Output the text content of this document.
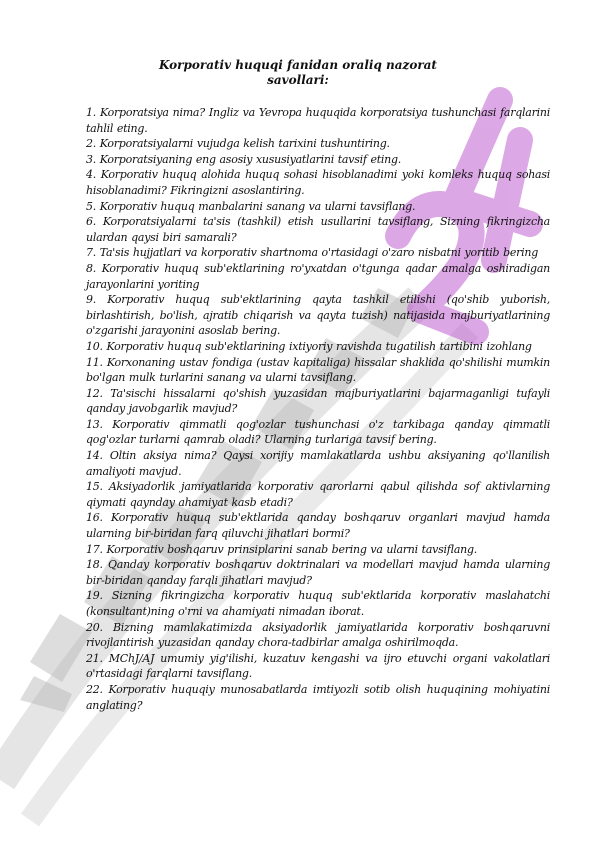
Korporativ huquqi fanidan oraliq nazorat

savollari:

1. Korporatsiya nima? Ingliz va Yevropa huquqida korporatsiya tushunchasi farqlarini tahlil eting.
2. Korporatsiyalarni vujudga kelish tarixini tushuntiring.
3. Korporatsiyaning eng asosiy xususiyatlarini tavsif eting.
4. Korporativ huquq alohida huquq sohasi hisoblanadimi yoki komleks huquq sohasi hisoblanadimi? Fikringizni asoslantiring.
5. Korporativ huquq manbalarini sanang va ularni tavsiflang.
6. Korporatsiyalarni ta'sis (tashkil) etish usullarini tavsiflang, Sizning fikringizcha ulardan qaysi biri samarali?
7. Ta'sis hujjatlari va korporativ shartnoma o'rtasidagi o'zaro nisbatni yoritib bering
8. Korporativ huquq sub'ektlarining ro'yxatdan o'tgunga qadar amalga oshiradigan jarayonlarini yoriting
9. Korporativ huquq sub'ektlarining qayta tashkil etilishi (qo'shib yuborish, birlashtirish, bo'lish, ajratib chiqarish va qayta tuzish) natijasida majburiyatlarining o'zgarishi jarayonini asoslab bering.
10. Korporativ huquq sub'ektlarining ixtiyoriy ravishda tugatilish tartibini izohlang
11. Korxonaning ustav fondiga (ustav kapitaliga) hissalar shaklida qo'shilishi mumkin bo'lgan mulk turlarini sanang va ularni tavsiflang.
12. Ta'sischi hissalarni qo'shish yuzasidan majburiyatlarini bajarmaganligi tufayli qanday javobgarlik mavjud?
13. Korporativ qimmatli qog'ozlar tushunchasi o'z tarkibaga qanday qimmatli qog'ozlar turlarni qamrab oladi? Ularning turlariga tavsif bering.
14. Oltin aksiya nima? Qaysi xorijiy mamlakatlarda ushbu aksiyaning qo'llanilish amaliyoti mavjud.
15. Aksiyadorlik jamiyatlarida korporativ qarorlarni qabul qilishda sof aktivlarning qiymati qaynday ahamiyat kasb etadi?
16. Korporativ huquq sub'ektlarida qanday boshqaruv organlari mavjud hamda ularning bir-biridan farq qiluvchi jihatlari bormi?
17. Korporativ boshqaruv prinsiplarini sanab bering va ularni tavsiflang.
18. Qanday korporativ boshqaruv doktrinalari va modellari mavjud hamda ularning bir-biridan qanday farqli jihatlari mavjud?
19. Sizning fikringizcha korporativ huquq sub'ektlarida korporativ maslahatchi (konsultant)ning o'rni va ahamiyati nimadan iborat.
20. Bizning mamlakatimizda aksiyadorlik jamiyatlarida korporativ boshqaruvni rivojlantirish yuzasidan qanday chora-tadbirlar amalga oshirilmoqda.
21. MChJ/AJ umumiy yig'ilishi, kuzatuv kengashi va ijro etuvchi organi vakolatlari o'rtasidagi farqlarni tavsiflang.
22. Korporativ huquqiy munosabatlarda imtiyozli sotib olish huquqining mohiyatini anglating?
